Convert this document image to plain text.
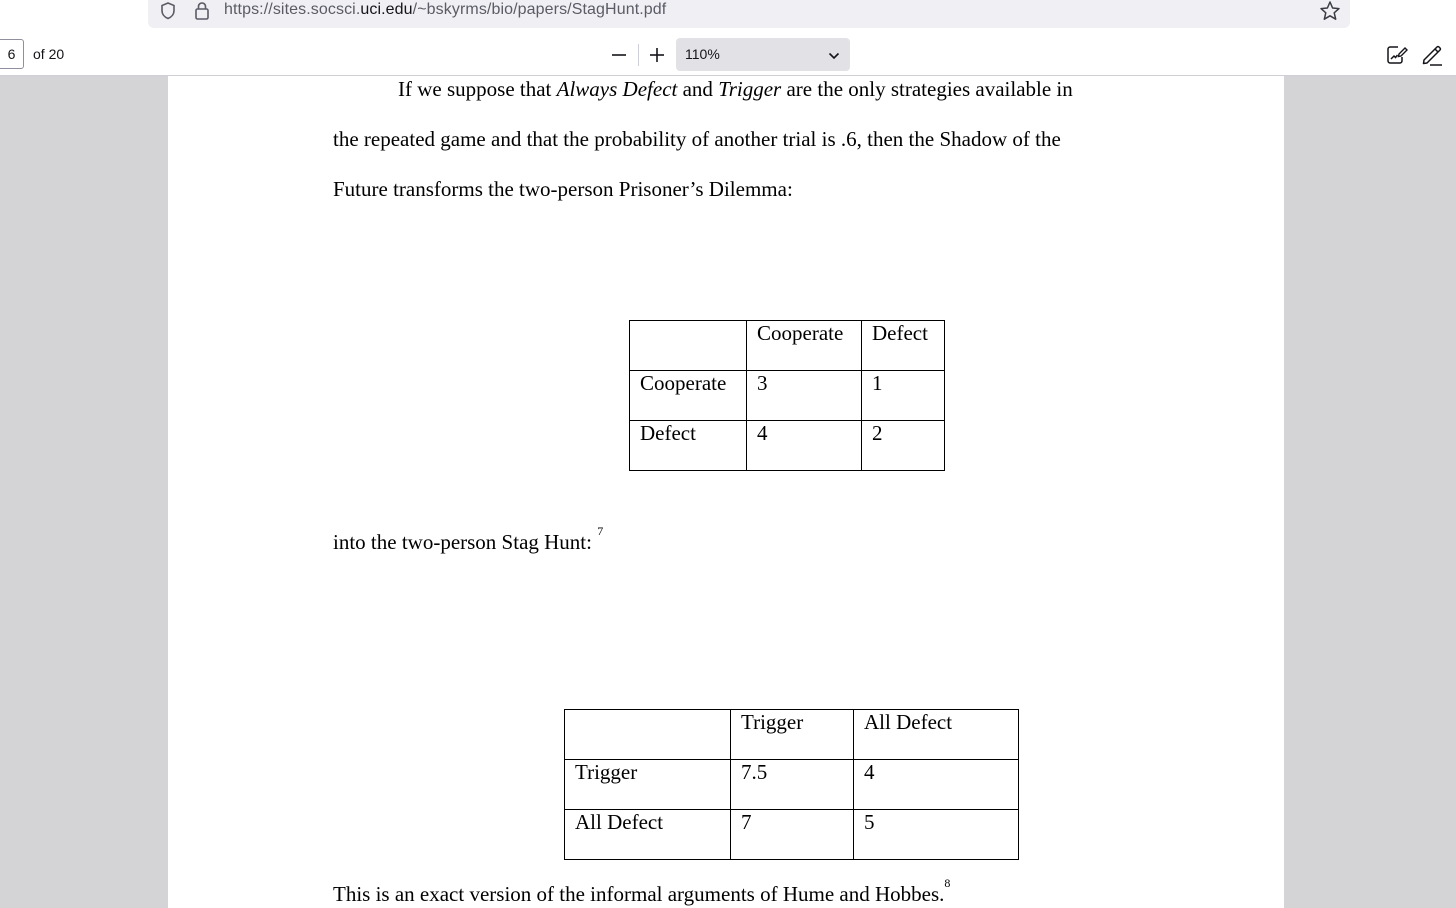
https://sites.socsci.uci.edu/~bskyrms/bio/papers/StagHunt.pdf
6	of 20	110%
If we suppose that Always Defect and Trigger are the only strategies available in
the repeated game and that the probability of another trial is .6, then the Shadow of the
Future transforms the two-person Prisoner’s Dilemma:
	Cooperate	Defect
Cooperate	3	1
Defect	4	2
into the two-person Stag Hunt: $^7$
	Trigger	All Defect
Trigger	7.5	4
All Defect	7	5
This is an exact version of the informal arguments of Hume and Hobbes.$^8$
